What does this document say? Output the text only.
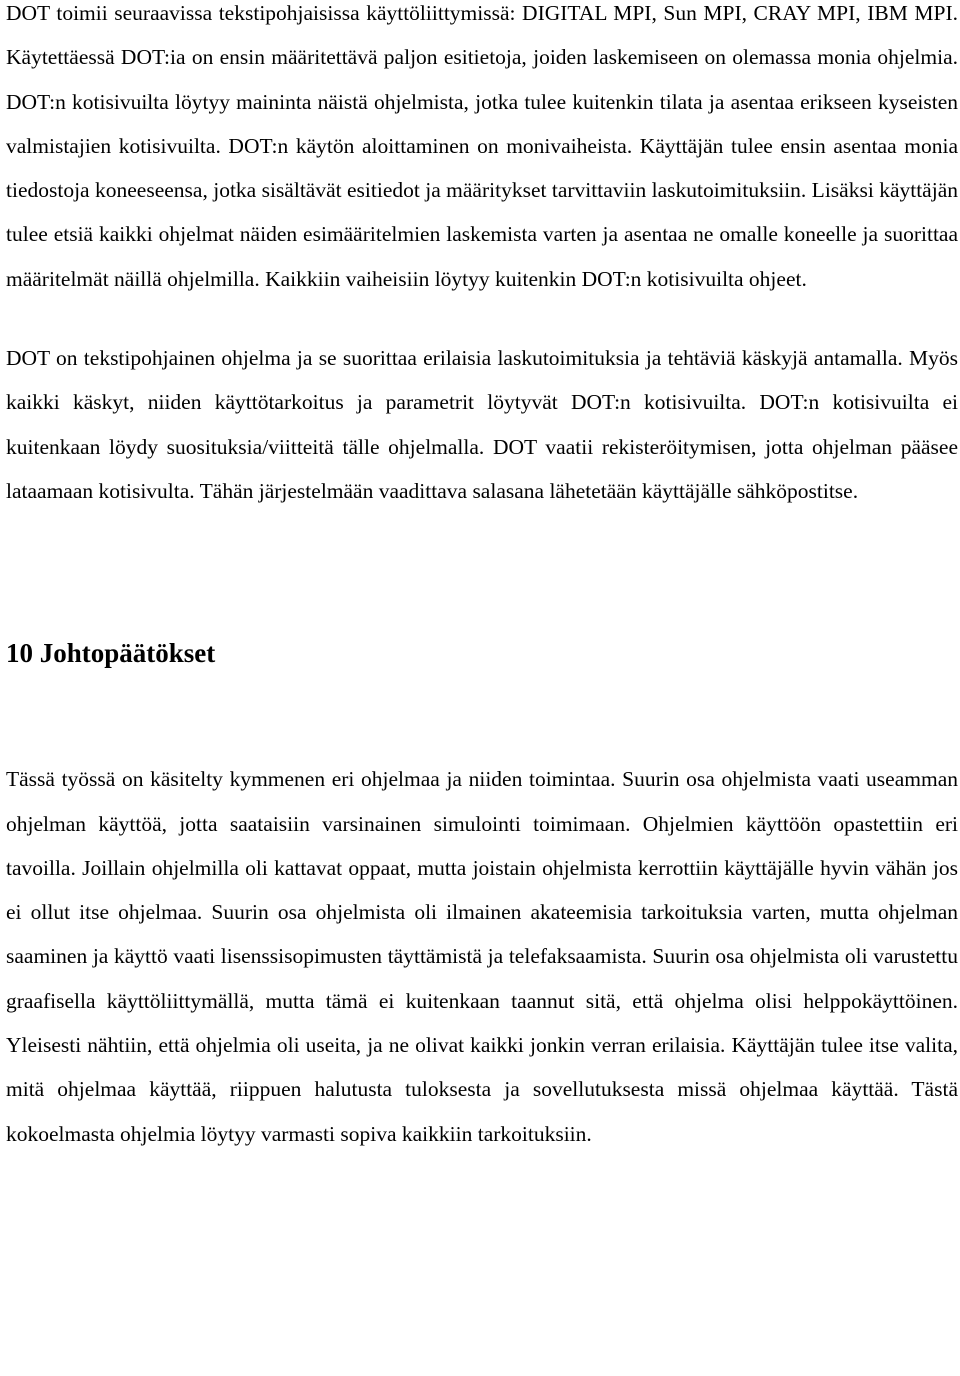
DOT toimii seuraavissa tekstipohjaisissa käyttöliittymissä: DIGITAL MPI, Sun MPI, CRAY MPI, IBM MPI. Käytettäessä DOT:ia on ensin määritettävä paljon esitietoja, joiden laskemiseen on olemassa monia ohjelmia. DOT:n kotisivuilta löytyy maininta näistä ohjelmista, jotka tulee kuitenkin tilata ja asentaa erikseen kyseisten valmistajien kotisivuilta. DOT:n käytön aloittaminen on monivaiheista. Käyttäjän tulee ensin asentaa monia tiedostoja koneeseensa, jotka sisältävät esitiedot ja määritykset tarvittaviin laskutoimituksiin. Lisäksi käyttäjän tulee etsiä kaikki ohjelmat näiden esimääritelmien laskemista varten ja asentaa ne omalle koneelle ja suorittaa määritelmät näillä ohjelmilla. Kaikkiin vaiheisiin löytyy kuitenkin DOT:n kotisivuilta ohjeet.

DOT on tekstipohjainen ohjelma ja se suorittaa erilaisia laskutoimituksia ja tehtäviä käskyjä antamalla. Myös kaikki käskyt, niiden käyttötarkoitus ja parametrit löytyvät DOT:n kotisivuilta. DOT:n kotisivuilta ei kuitenkaan löydy suosituksia/viitteitä tälle ohjelmalla. DOT vaatii rekisteröitymisen, jotta ohjelman pääsee lataamaan kotisivulta. Tähän järjestelmään vaadittava salasana lähetetään käyttäjälle sähköpostitse.

10 Johtopäätökset

Tässä työssä on käsitelty kymmenen eri ohjelmaa ja niiden toimintaa. Suurin osa ohjelmista vaati useamman ohjelman käyttöä, jotta saataisiin varsinainen simulointi toimimaan. Ohjelmien käyttöön opastettiin eri tavoilla. Joillain ohjelmilla oli kattavat oppaat, mutta joistain ohjelmista kerrottiin käyttäjälle hyvin vähän jos ei ollut itse ohjelmaa. Suurin osa ohjelmista oli ilmainen akateemisia tarkoituksia varten, mutta ohjelman saaminen ja käyttö vaati lisenssisopimusten täyttämistä ja telefaksaamista. Suurin osa ohjelmista oli varustettu graafisella käyttöliittymällä, mutta tämä ei kuitenkaan taannut sitä, että ohjelma olisi helppokäyttöinen. Yleisesti nähtiin, että ohjelmia oli useita, ja ne olivat kaikki jonkin verran erilaisia. Käyttäjän tulee itse valita, mitä ohjelmaa käyttää, riippuen halutusta tuloksesta ja sovellutuksesta missä ohjelmaa käyttää. Tästä kokoelmasta ohjelmia löytyy varmasti sopiva kaikkiin tarkoituksiin.
